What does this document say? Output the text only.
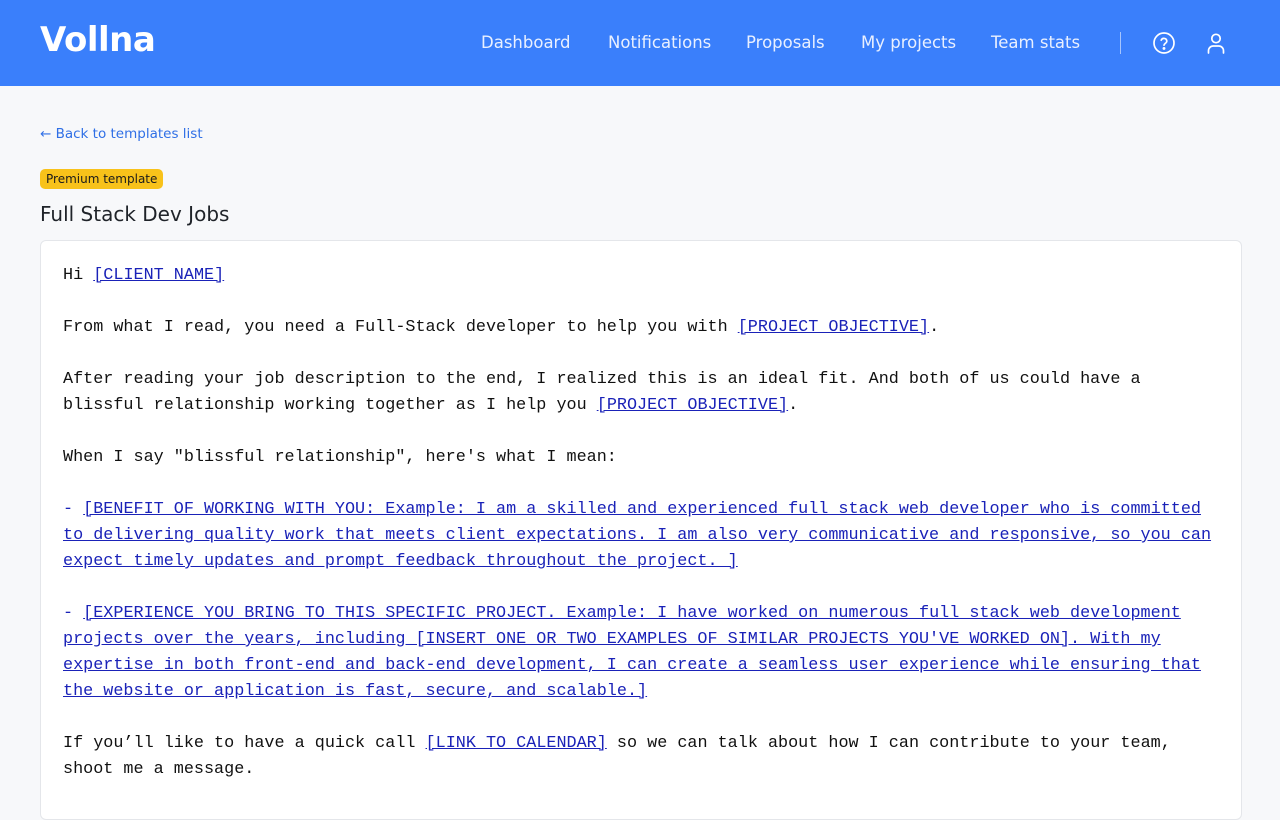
Vollna	Dashboard Notifications Proposals My projects Team stats
← Back to templates list
Premium template
Full Stack Dev Jobs

Hi [CLIENT NAME]

From what I read, you need a Full-Stack developer to help you with [PROJECT OBJECTIVE].

After reading your job description to the end, I realized this is an ideal fit. And both of us could have a blissful relationship working together as I help you [PROJECT OBJECTIVE].

When I say "blissful relationship", here's what I mean:

- [BENEFIT OF WORKING WITH YOU: Example: I am a skilled and experienced full stack web developer who is committed to delivering quality work that meets client expectations. I am also very communicative and responsive, so you can expect timely updates and prompt feedback throughout the project. ]

- [EXPERIENCE YOU BRING TO THIS SPECIFIC PROJECT. Example: I have worked on numerous full stack web development projects over the years, including [INSERT ONE OR TWO EXAMPLES OF SIMILAR PROJECTS YOU'VE WORKED ON]. With my expertise in both front-end and back-end development, I can create a seamless user experience while ensuring that the website or application is fast, secure, and scalable.]

If you’ll like to have a quick call [LINK TO CALENDAR] so we can talk about how I can contribute to your team, shoot me a message.
